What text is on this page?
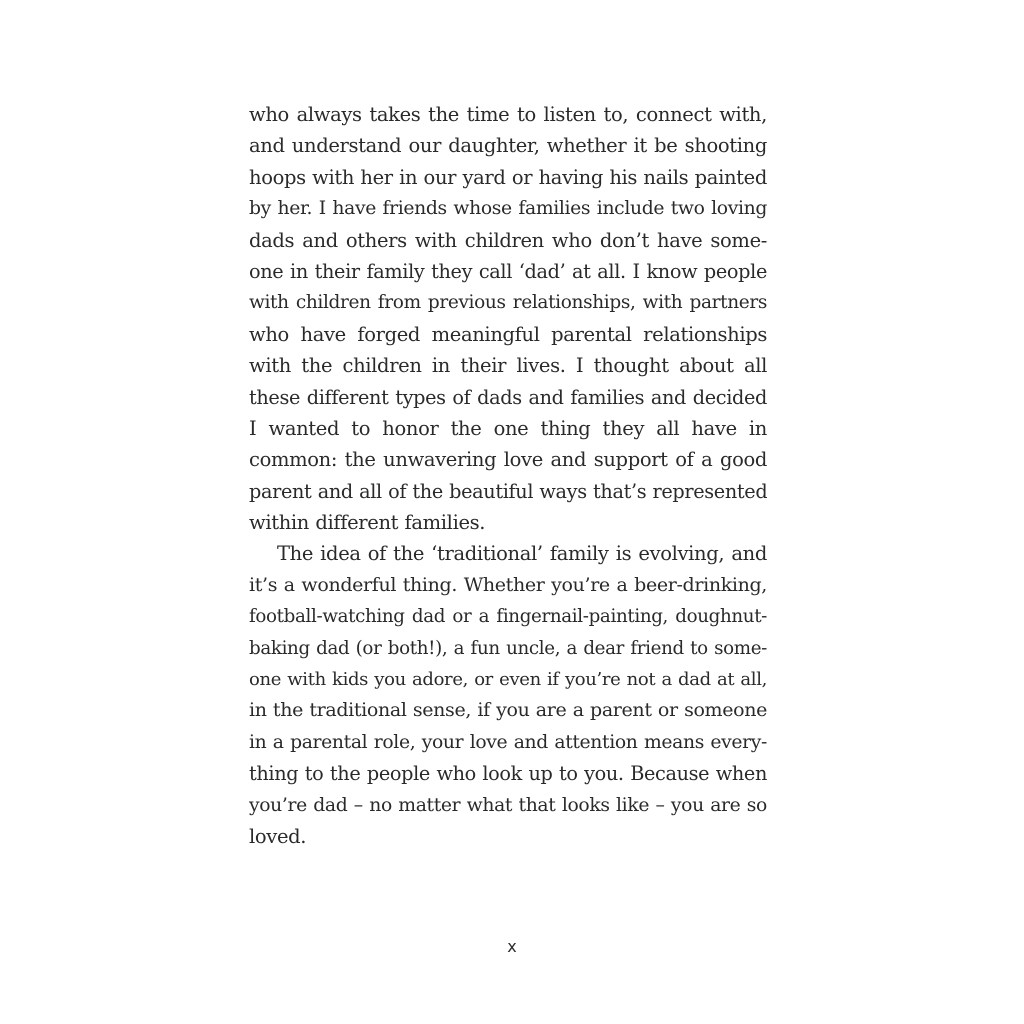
who always takes the time to listen to, connect with,
and understand our daughter, whether it be shooting
hoops with her in our yard or having his nails painted
by her. I have friends whose families include two loving
dads and others with children who don’t have some-
one in their family they call ‘dad’ at all. I know people
with children from previous relationships, with partners
who have forged meaningful parental relationships
with the children in their lives. I thought about all
these different types of dads and families and decided
I wanted to honor the one thing they all have in
common: the unwavering love and support of a good
parent and all of the beautiful ways that’s represented
within different families.

The idea of the ‘traditional’ family is evolving, and
it’s a wonderful thing. Whether you’re a beer-drinking,
football-watching dad or a fingernail-painting, doughnut-
baking dad (or both!), a fun uncle, a dear friend to some-
one with kids you adore, or even if you’re not a dad at all,
in the traditional sense, if you are a parent or someone
in a parental role, your love and attention means every-
thing to the people who look up to you. Because when
you’re dad – no matter what that looks like – you are so
loved.

x
